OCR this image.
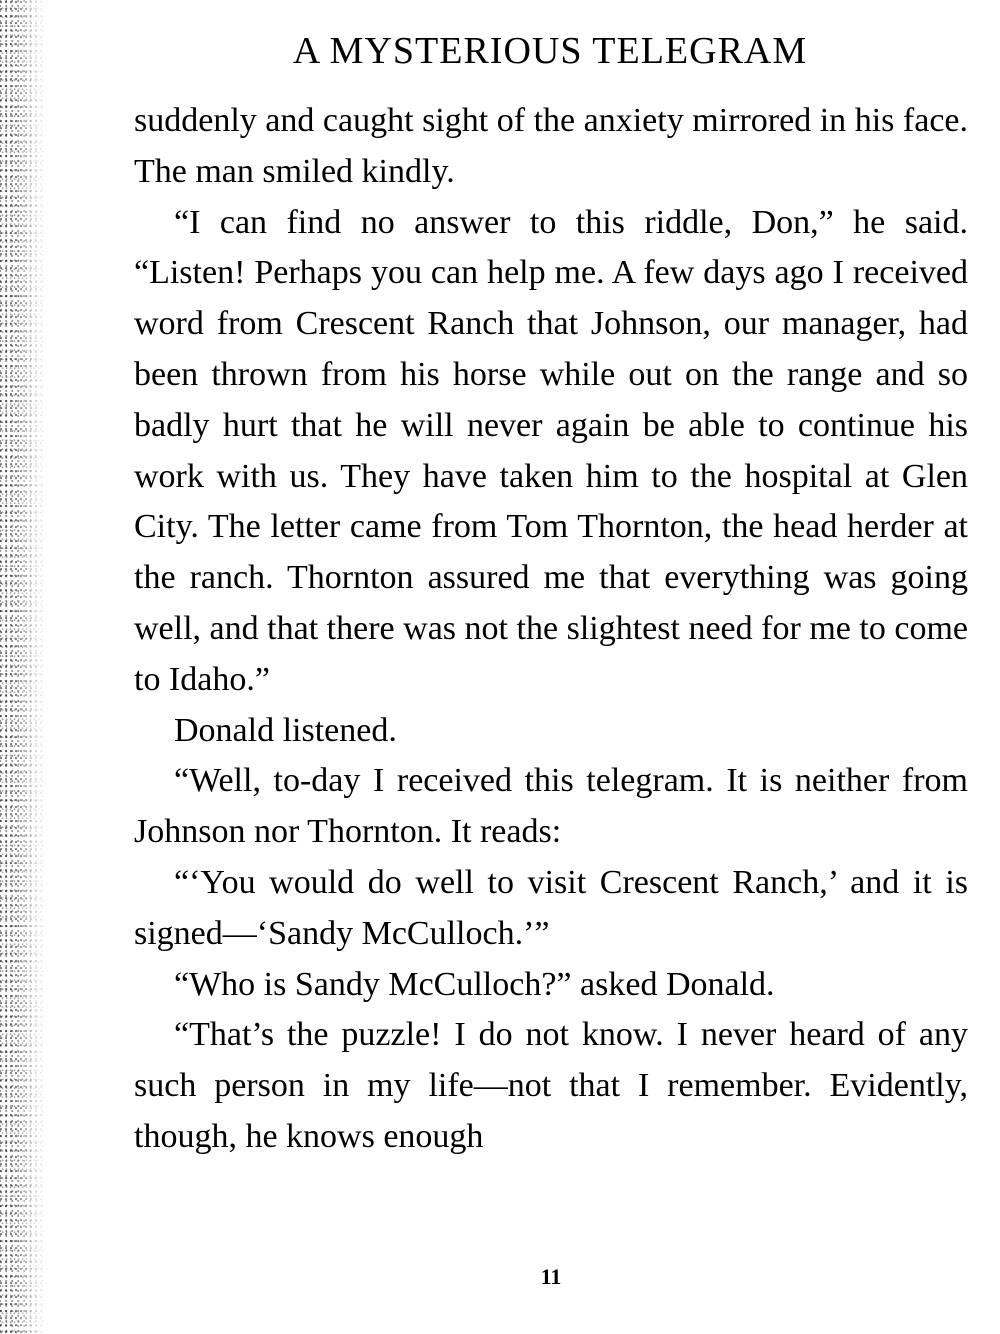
A MYSTERIOUS TELEGRAM

suddenly and caught sight of the anxiety mirrored in his face. The man smiled kindly.

“I can find no answer to this riddle, Don,” he said. “Listen! Perhaps you can help me. A few days ago I received word from Crescent Ranch that Johnson, our manager, had been thrown from his horse while out on the range and so badly hurt that he will never again be able to continue his work with us. They have taken him to the hospital at Glen City. The letter came from Tom Thornton, the head herder at the ranch. Thornton assured me that everything was going well, and that there was not the slightest need for me to come to Idaho.”

Donald listened.

“Well, to-day I received this telegram. It is neither from Johnson nor Thornton. It reads:

“‘You would do well to visit Crescent Ranch,’ and it is signed—‘Sandy McCulloch.’”

“Who is Sandy McCulloch?” asked Donald.

“That’s the puzzle! I do not know. I never heard of any such person in my life—not that I remember. Evidently, though, he knows enough

11
